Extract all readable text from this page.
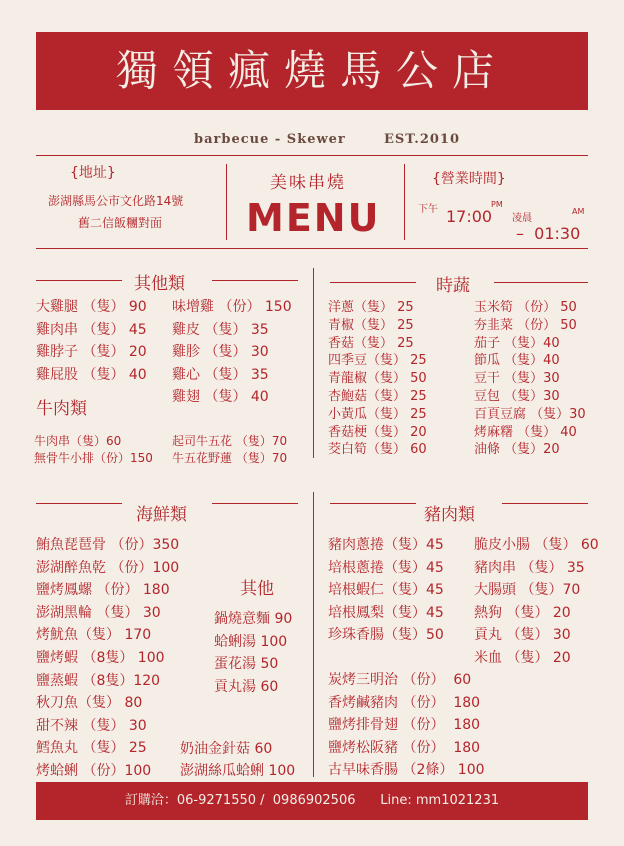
獨領瘋燒馬公店
barbecue - Skewer	EST.2010
{地址}
澎湖縣馬公市文化路14號
舊二信飯糰對面
美味串燒
MENU
{營業時間}
下午	PM
17:00	AM
凌晨
–  01:30
其他類	時蔬
大雞腿 （隻） 90
雞肉串 （隻） 45
雞脖子 （隻） 20
雞屁股 （隻） 40
味增雞 （份） 150
雞皮 （隻） 35
雞胗 （隻） 30
雞心 （隻） 35
雞翅 （隻） 40
牛肉類
牛肉串（隻）60
無骨牛小排（份）150
起司牛五花 （隻）70
牛五花野蓮 （隻）70
洋蔥（隻） 25
青椒（隻） 25
香菇（隻） 25
四季豆（隻） 25
青龍椒（隻） 50
杏鮑菇（隻） 25
小黃瓜（隻） 25
香菇梗（隻） 20
茭白筍（隻） 60
玉米筍 （份） 50
夯韭菜 （份） 50
茄子 （隻）40
節瓜 （隻）40
豆干 （隻）30
豆包 （隻）30
百頁豆腐 （隻）30
烤麻糬 （隻） 40
油條 （隻）20
海鮮類	豬肉類
鮪魚琵琶骨 （份）350
澎湖醉魚乾 （份）100
鹽烤鳳螺 （份） 180
澎湖黑輪 （隻） 30
烤魷魚（隻） 170
鹽烤蝦 （8隻） 100
鹽蒸蝦 （8隻）120
秋刀魚（隻） 80
甜不辣 （隻） 30
鱈魚丸 （隻） 25
烤蛤蜊 （份）100
其他
鍋燒意麵 90
蛤蜊湯 100
蛋花湯 50
貢丸湯 60
奶油金針菇 60
澎湖絲瓜蛤蜊 100
豬肉蔥捲（隻）45
培根蔥捲（隻）45
培根蝦仁（隻）45
培根鳳梨（隻）45
珍珠香腸（隻）50
脆皮小腸 （隻） 60
豬肉串 （隻） 35
大腸頭 （隻）70
熱狗 （隻） 20
貢丸 （隻） 30
米血 （隻） 20
炭烤三明治 （份）  60
香烤鹹豬肉 （份）  180
鹽烤排骨翅 （份）  180
鹽烤松阪豬 （份）  180
古早味香腸 （2條） 100
訂購洽：06-9271550 /  0986902506      Line: mm1021231
